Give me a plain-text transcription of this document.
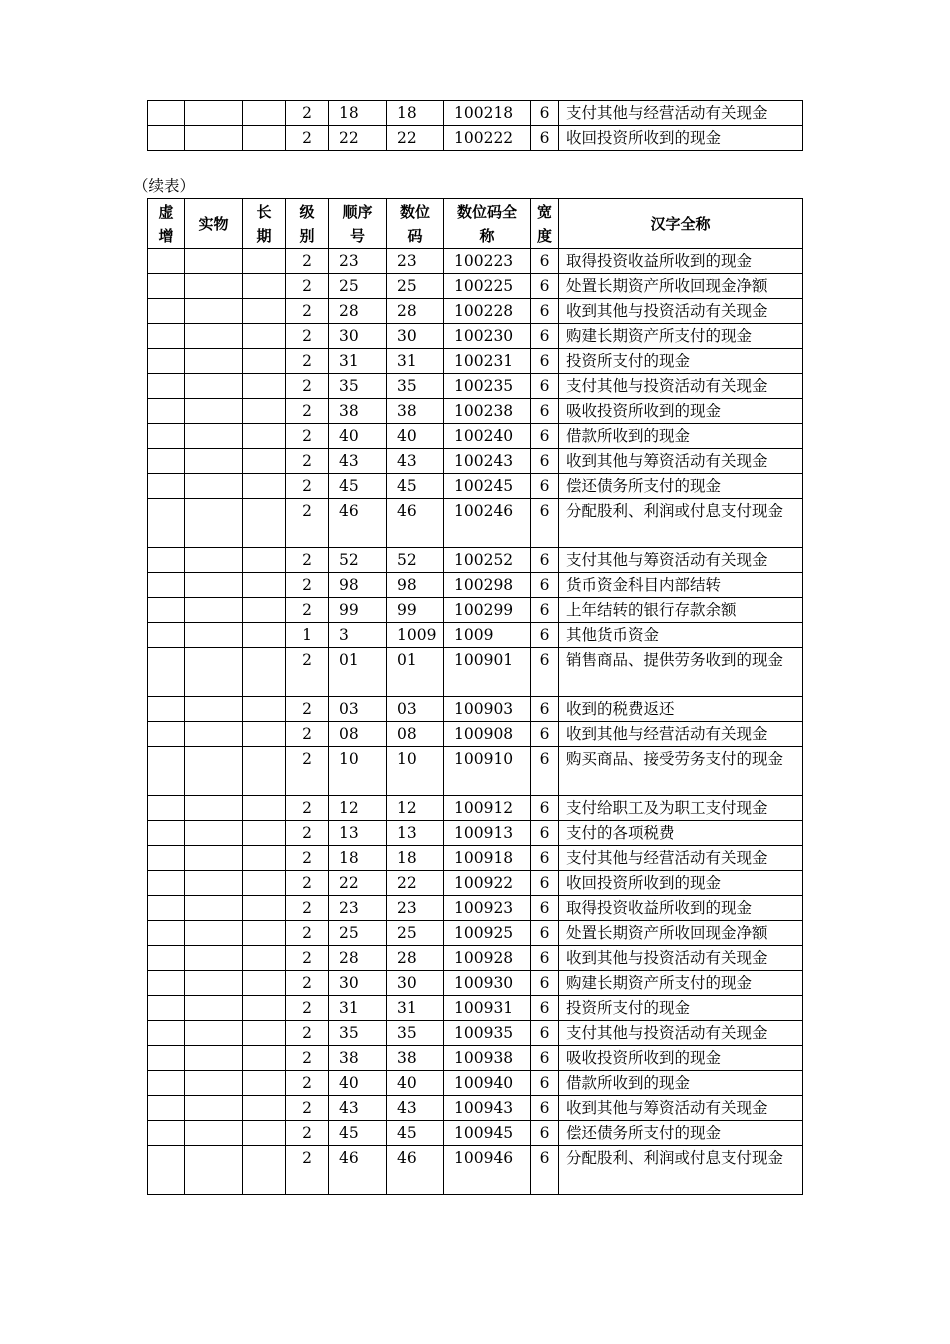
			2	18	18	100218	6	支付其他与经营活动有关现金
			2	22	22	100222	6	收回投资所收到的现金
（续表）
虚增	实物	长期	级别	顺序号	数位码	数位码全称	宽度	汉字全称
			2	23	23	100223	6	取得投资收益所收到的现金
			2	25	25	100225	6	处置长期资产所收回现金净额
			2	28	28	100228	6	收到其他与投资活动有关现金
			2	30	30	100230	6	购建长期资产所支付的现金
			2	31	31	100231	6	投资所支付的现金
			2	35	35	100235	6	支付其他与投资活动有关现金
			2	38	38	100238	6	吸收投资所收到的现金
			2	40	40	100240	6	借款所收到的现金
			2	43	43	100243	6	收到其他与筹资活动有关现金
			2	45	45	100245	6	偿还债务所支付的现金
			2	46	46	100246	6	分配股利、利润或付息支付现金
			2	52	52	100252	6	支付其他与筹资活动有关现金
			2	98	98	100298	6	货币资金科目内部结转
			2	99	99	100299	6	上年结转的银行存款余额
			1	3	1009	1009	6	其他货币资金
			2	01	01	100901	6	销售商品、提供劳务收到的现金
			2	03	03	100903	6	收到的税费返还
			2	08	08	100908	6	收到其他与经营活动有关现金
			2	10	10	100910	6	购买商品、接受劳务支付的现金
			2	12	12	100912	6	支付给职工及为职工支付现金
			2	13	13	100913	6	支付的各项税费
			2	18	18	100918	6	支付其他与经营活动有关现金
			2	22	22	100922	6	收回投资所收到的现金
			2	23	23	100923	6	取得投资收益所收到的现金
			2	25	25	100925	6	处置长期资产所收回现金净额
			2	28	28	100928	6	收到其他与投资活动有关现金
			2	30	30	100930	6	购建长期资产所支付的现金
			2	31	31	100931	6	投资所支付的现金
			2	35	35	100935	6	支付其他与投资活动有关现金
			2	38	38	100938	6	吸收投资所收到的现金
			2	40	40	100940	6	借款所收到的现金
			2	43	43	100943	6	收到其他与筹资活动有关现金
			2	45	45	100945	6	偿还债务所支付的现金
			2	46	46	100946	6	分配股利、利润或付息支付现金
